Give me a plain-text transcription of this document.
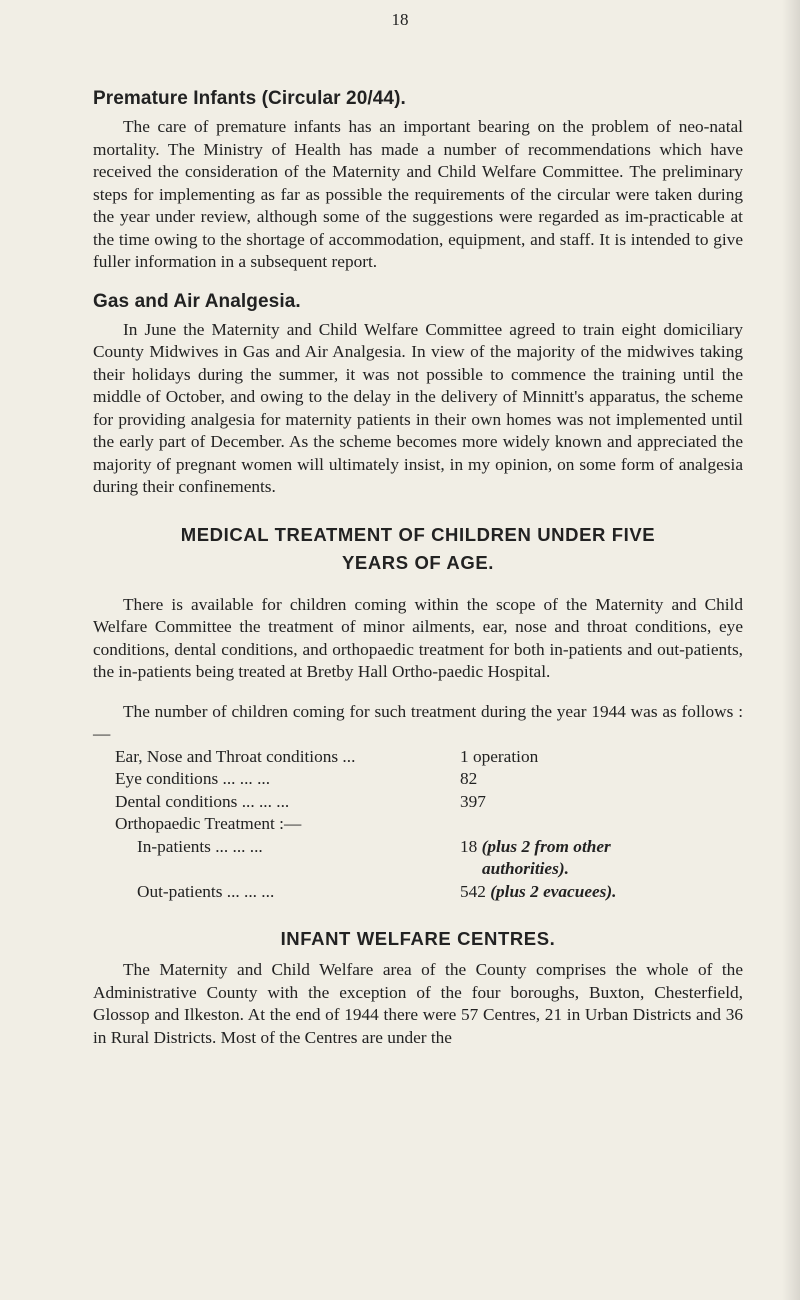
18
Premature Infants (Circular 20/44).

The care of premature infants has an important bearing on the problem of neo-natal mortality. The Ministry of Health has made a number of recommendations which have received the consideration of the Maternity and Child Welfare Committee. The preliminary steps for implementing as far as possible the requirements of the circular were taken during the year under review, although some of the suggestions were regarded as im-practicable at the time owing to the shortage of accommodation, equipment, and staff. It is intended to give fuller information in a subsequent report.

Gas and Air Analgesia.

In June the Maternity and Child Welfare Committee agreed to train eight domiciliary County Midwives in Gas and Air Analgesia. In view of the majority of the midwives taking their holidays during the summer, it was not possible to commence the training until the middle of October, and owing to the delay in the delivery of Minnitt's apparatus, the scheme for providing analgesia for maternity patients in their own homes was not implemented until the early part of December. As the scheme becomes more widely known and appreciated the majority of pregnant women will ultimately insist, in my opinion, on some form of analgesia during their confinements.

MEDICAL TREATMENT OF CHILDREN UNDER FIVE
YEARS OF AGE.

There is available for children coming within the scope of the Maternity and Child Welfare Committee the treatment of minor ailments, ear, nose and throat conditions, eye conditions, dental conditions, and orthopaedic treatment for both in-patients and out-patients, the in-patients being treated at Bretby Hall Ortho-paedic Hospital.

The number of children coming for such treatment during the year 1944 was as follows :—

Ear, Nose and Throat conditions ...	1 operation
Eye conditions ... ... ...	82
Dental conditions ... ... ...	397
Orthopaedic Treatment :—
In-patients ... ... ...	18 (plus 2 from other
authorities).
Out-patients ... ... ...	542 (plus 2 evacuees).
INFANT WELFARE CENTRES.

The Maternity and Child Welfare area of the County comprises the whole of the Administrative County with the exception of the four boroughs, Buxton, Chesterfield, Glossop and Ilkeston. At the end of 1944 there were 57 Centres, 21 in Urban Districts and 36 in Rural Districts. Most of the Centres are under the
